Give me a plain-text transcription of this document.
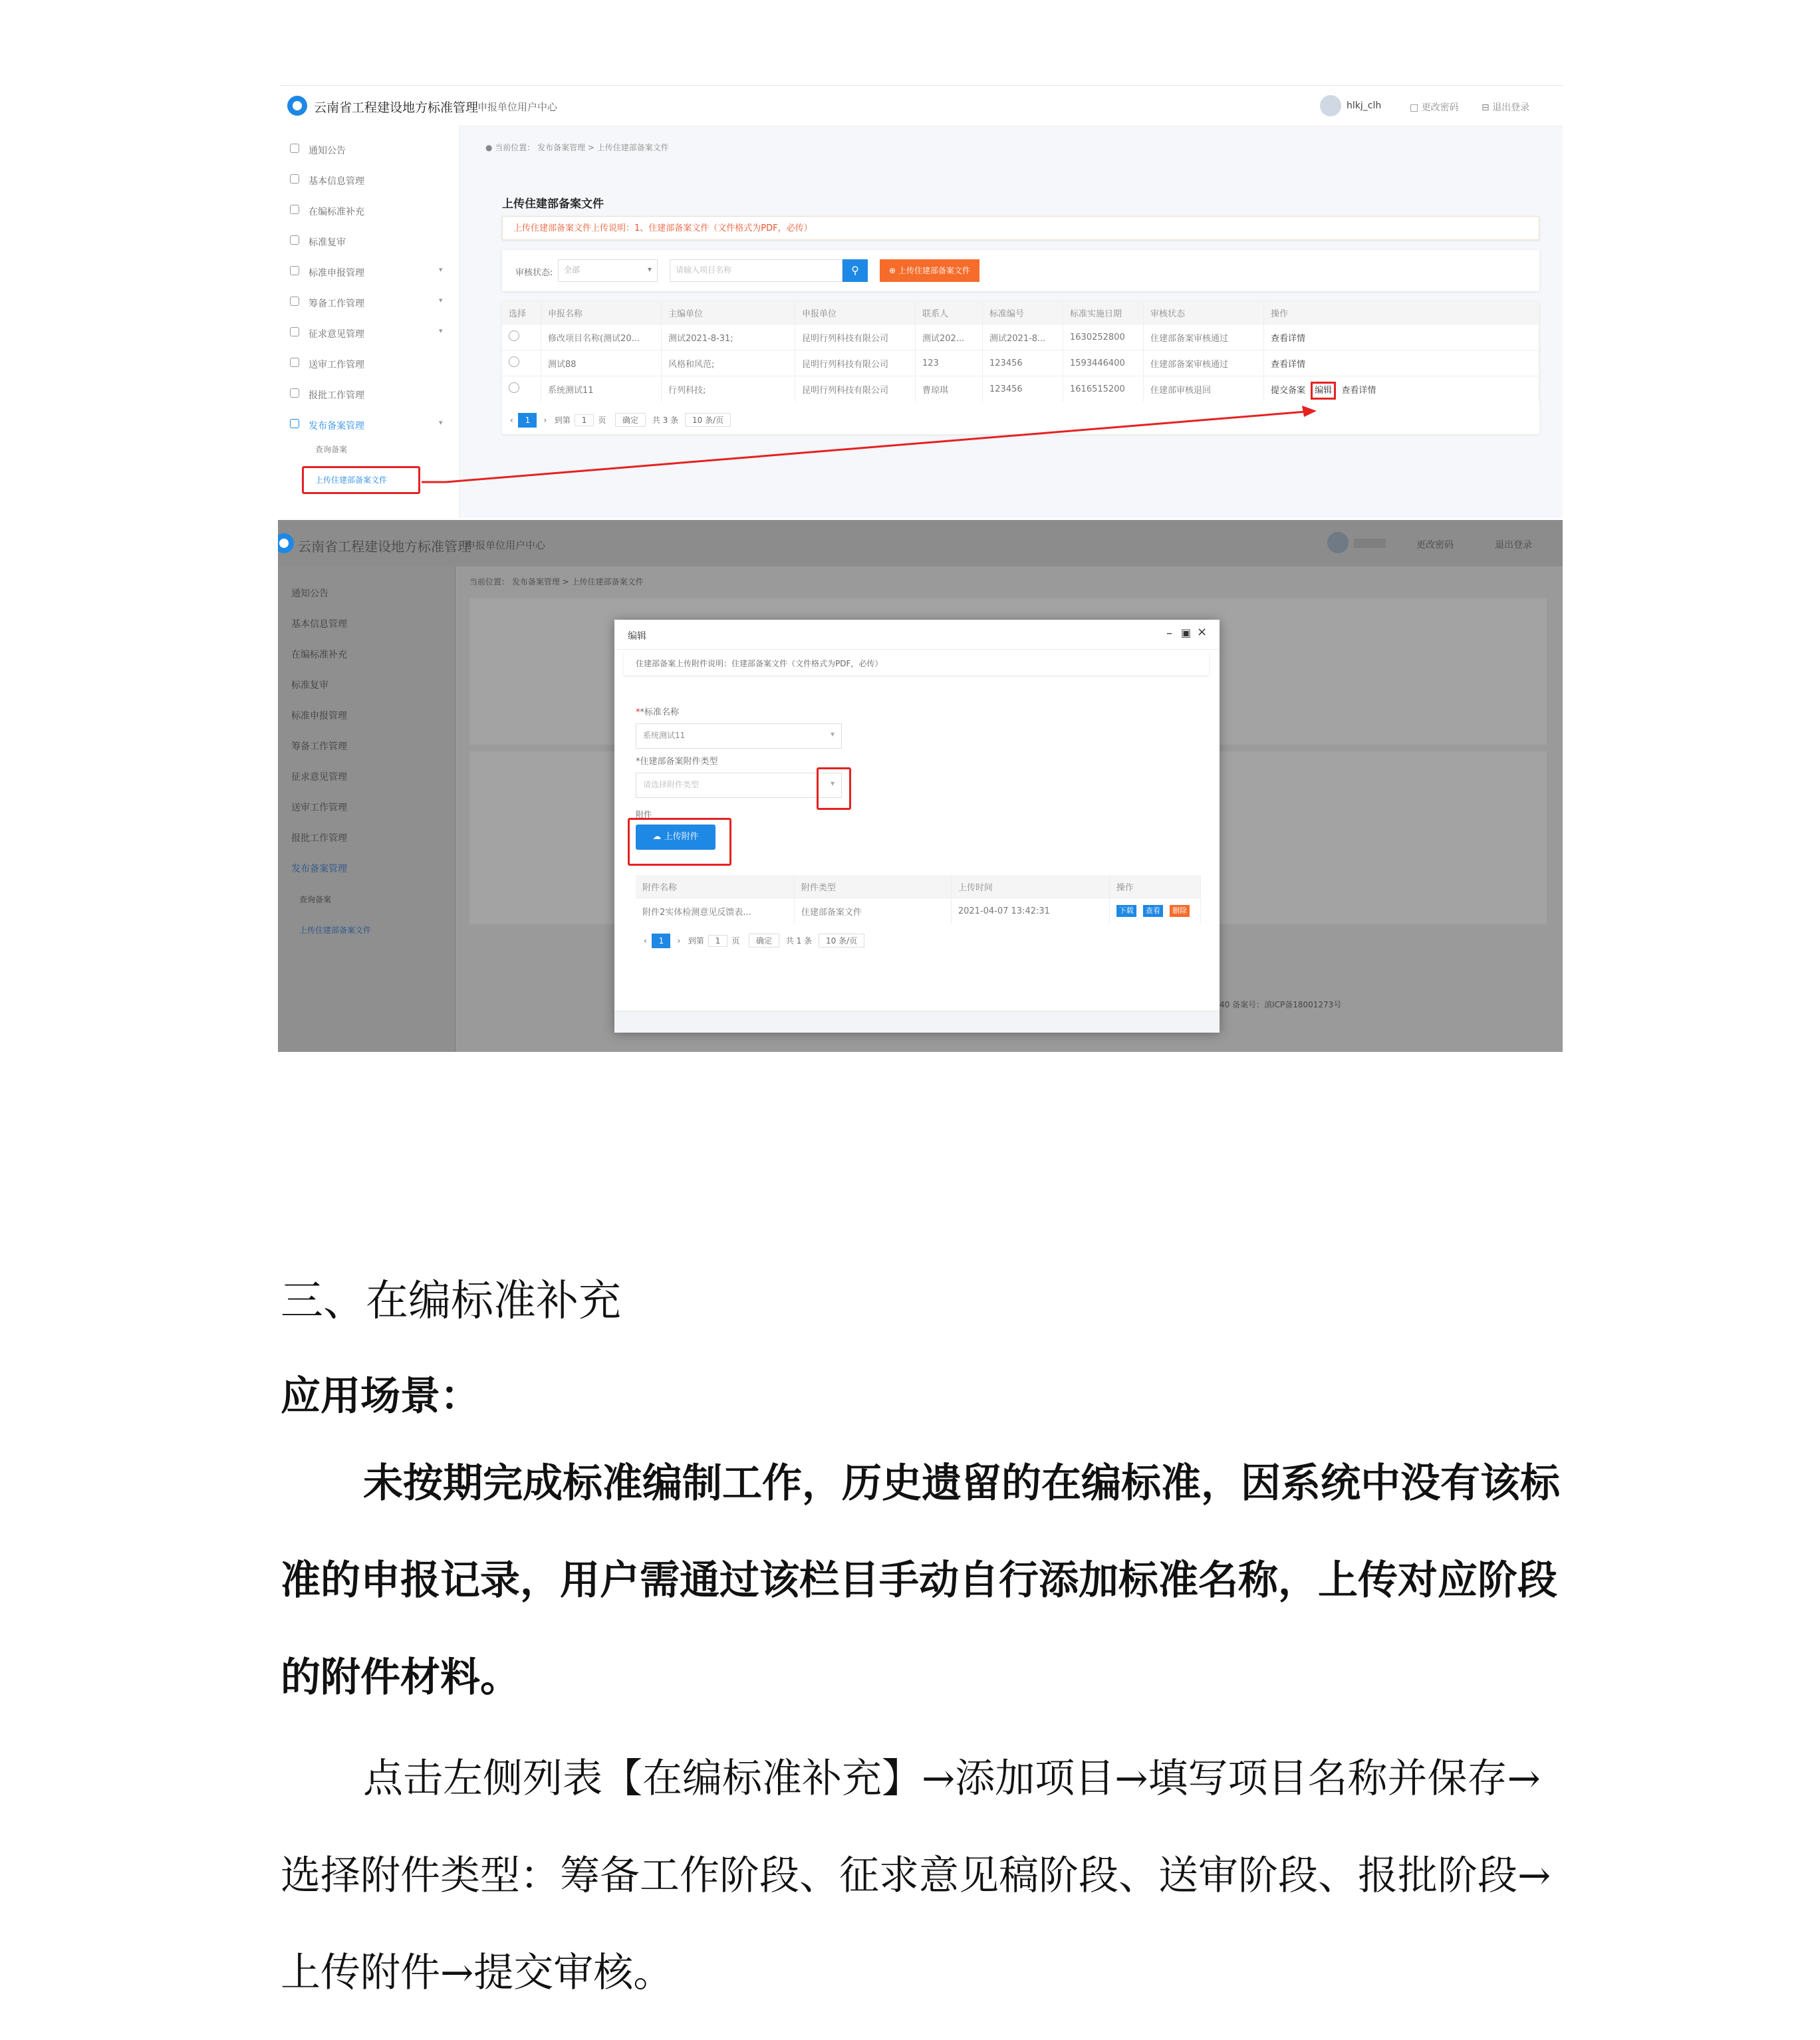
云南省工程建设地方标准管理
申报单位用户中心	hlkj_clh	□ 更改密码 ⊟ 退出登录
通知公告
基本信息管理
在编标准补充
标准复审
标准申报管理	▾
筹备工作管理	▾
征求意见管理	▾
送审工作管理
报批工作管理
发布备案管理	▾
查询备案
上传住建部备案文件
● 当前位置： 发布备案管理 > 上传住建部备案文件
上传住建部备案文件
上传住建部备案文件上传说明：1、住建部备案文件（文件格式为PDF，必传）
审核状态:	全部	▾	请输入项目名称	⚲	⊕ 上传住建部备案文件
选择	申报名称	主编单位	申报单位	联系人	标准编号	标准实施日期	审核状态	操作
	修改项目名称(测试20...	测试2021-8-31;	昆明行列科技有限公司	测试202...	测试2021-8...	1630252800	住建部备案审核通过	查看详情
	测试88	风格和风范;	昆明行列科技有限公司	123	123456	1593446400	住建部备案审核通过	查看详情
	系统测试11	行列科技;	昆明行列科技有限公司	曹琼琪	123456	1616515200	住建部审核退回	提交备案 编辑 查看详情
‹  1 ›   到第 1 页 确定 共 3 条 10 条/页
云南省工程建设地方标准管理
申报单位用户中心	更改密码	退出登录
通知公告
基本信息管理
在编标准补充
标准复审
标准申报管理
筹备工作管理
征求意见管理
送审工作管理
报批工作管理
发布备案管理
查询备案
上传住建部备案文件
当前位置： 发布备案管理 > 上传住建部备案文件
40 备案号：滇ICP备18001273号
编辑	– ▣ ×
住建部备案上传附件说明：住建部备案文件（文件格式为PDF，必传）
**标准名称
系统测试11	▾
*住建部备案附件类型
请选择附件类型	▾
附件
☁ 上传附件
附件名称	附件类型	上传时间	操作
附件2实体检测意见反馈表...	住建部备案文件	2021-04-07 13:42:31	下载 查看 删除
‹  1 ›   到第 1 页 确定 共 1 条 10 条/页
三、在编标准补充
应用场景：
未按期完成标准编制工作，历史遗留的在编标准，因系统中没有该标准的申报记录，用户需通过该栏目手动自行添加标准名称，上传对应阶段的附件材料。
点击左侧列表【在编标准补充】→添加项目→填写项目名称并保存→选择附件类型：筹备工作阶段、征求意见稿阶段、送审阶段、报批阶段→上传附件→提交审核。
